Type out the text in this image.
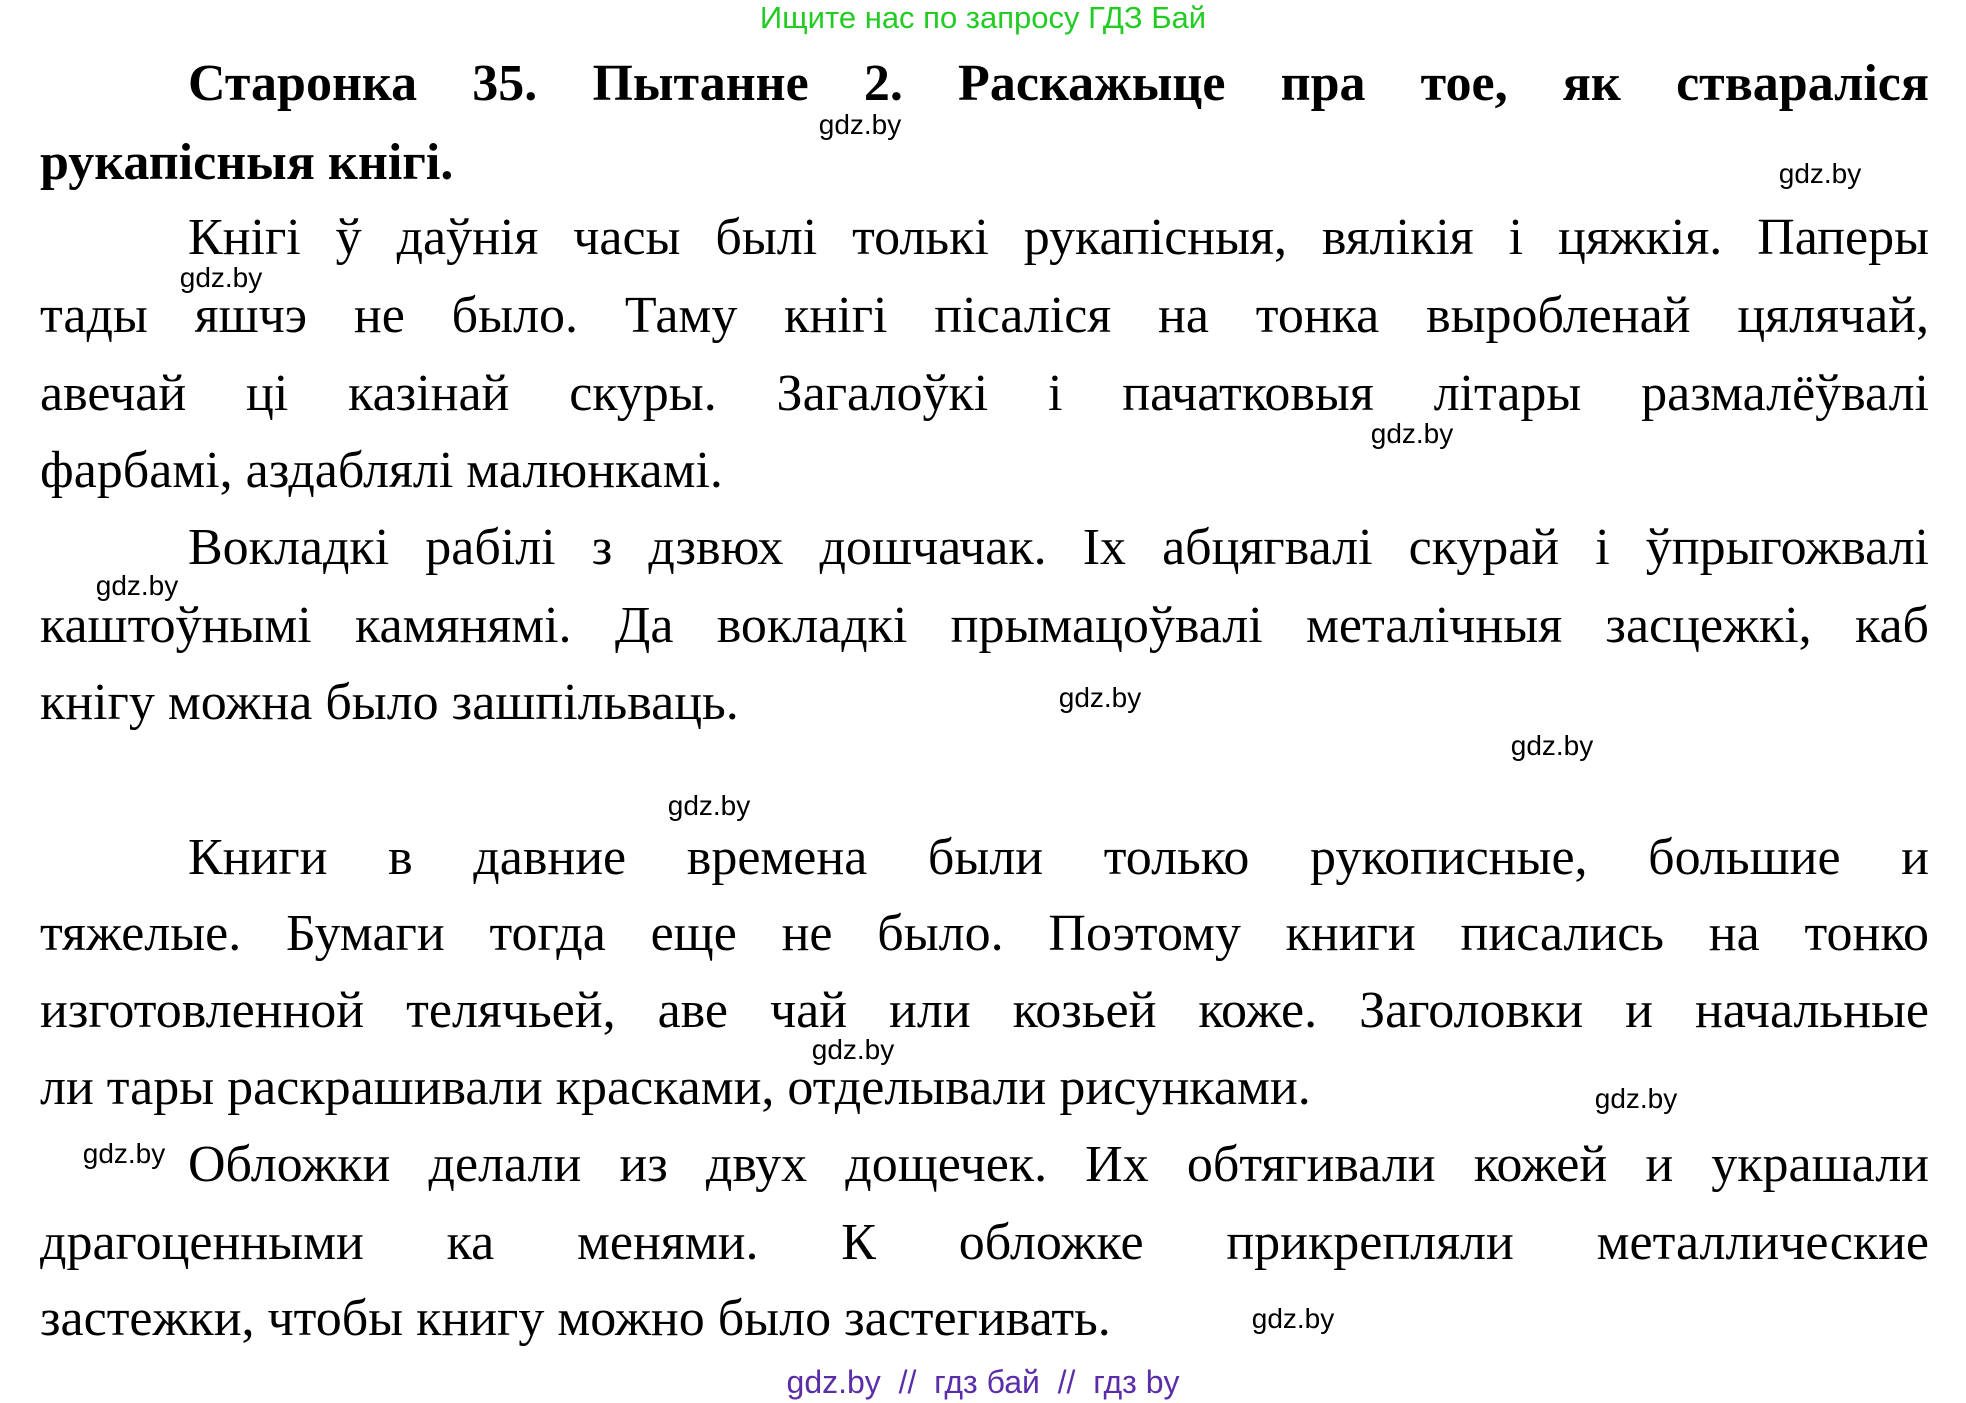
Ищите нас по запросу ГДЗ Бай
Старонка 35. Пытанне 2. Раскажыце пра тое, як ствараліся
рукапісныя кнігі.
Кнігі ў даўнія часы былі толькі рукапісныя, вялікія і цяжкія. Паперы
тады яшчэ не было. Таму кнігі пісаліся на тонка выробленай цялячай,
авечай ці казінай скуры. Загалоўкі і пачатковыя літары размалёўвалі
фарбамі, аздаблялі малюнкамі.
Вокладкі рабілі з дзвюх дошчачак. Іх абцягвалі скурай і ўпрыгожвалі
каштоўнымі камянямі. Да вокладкі прымацоўвалі металічныя засцежкі, каб
кнігу можна было зашпільваць.
Книги в давние времена были только рукописные, большие и
тяжелые. Бумаги тогда еще не было. Поэтому книги писались на тонко
изготовленной телячьей, аве чай или козьей коже. Заголовки и начальные
ли тары раскрашивали красками, отделывали рисунками.
Обложки делали из двух дощечек. Их обтягивали кожей и украшали
драгоценными ка менями. К обложке прикрепляли металлические
застежки, чтобы книгу можно было застегивать.
gdz.by
gdz.by
gdz.by
gdz.by
gdz.by
gdz.by
gdz.by
gdz.by
gdz.by
gdz.by
gdz.by
gdz.by
gdz.by  //  гдз бай  //  гдз by
